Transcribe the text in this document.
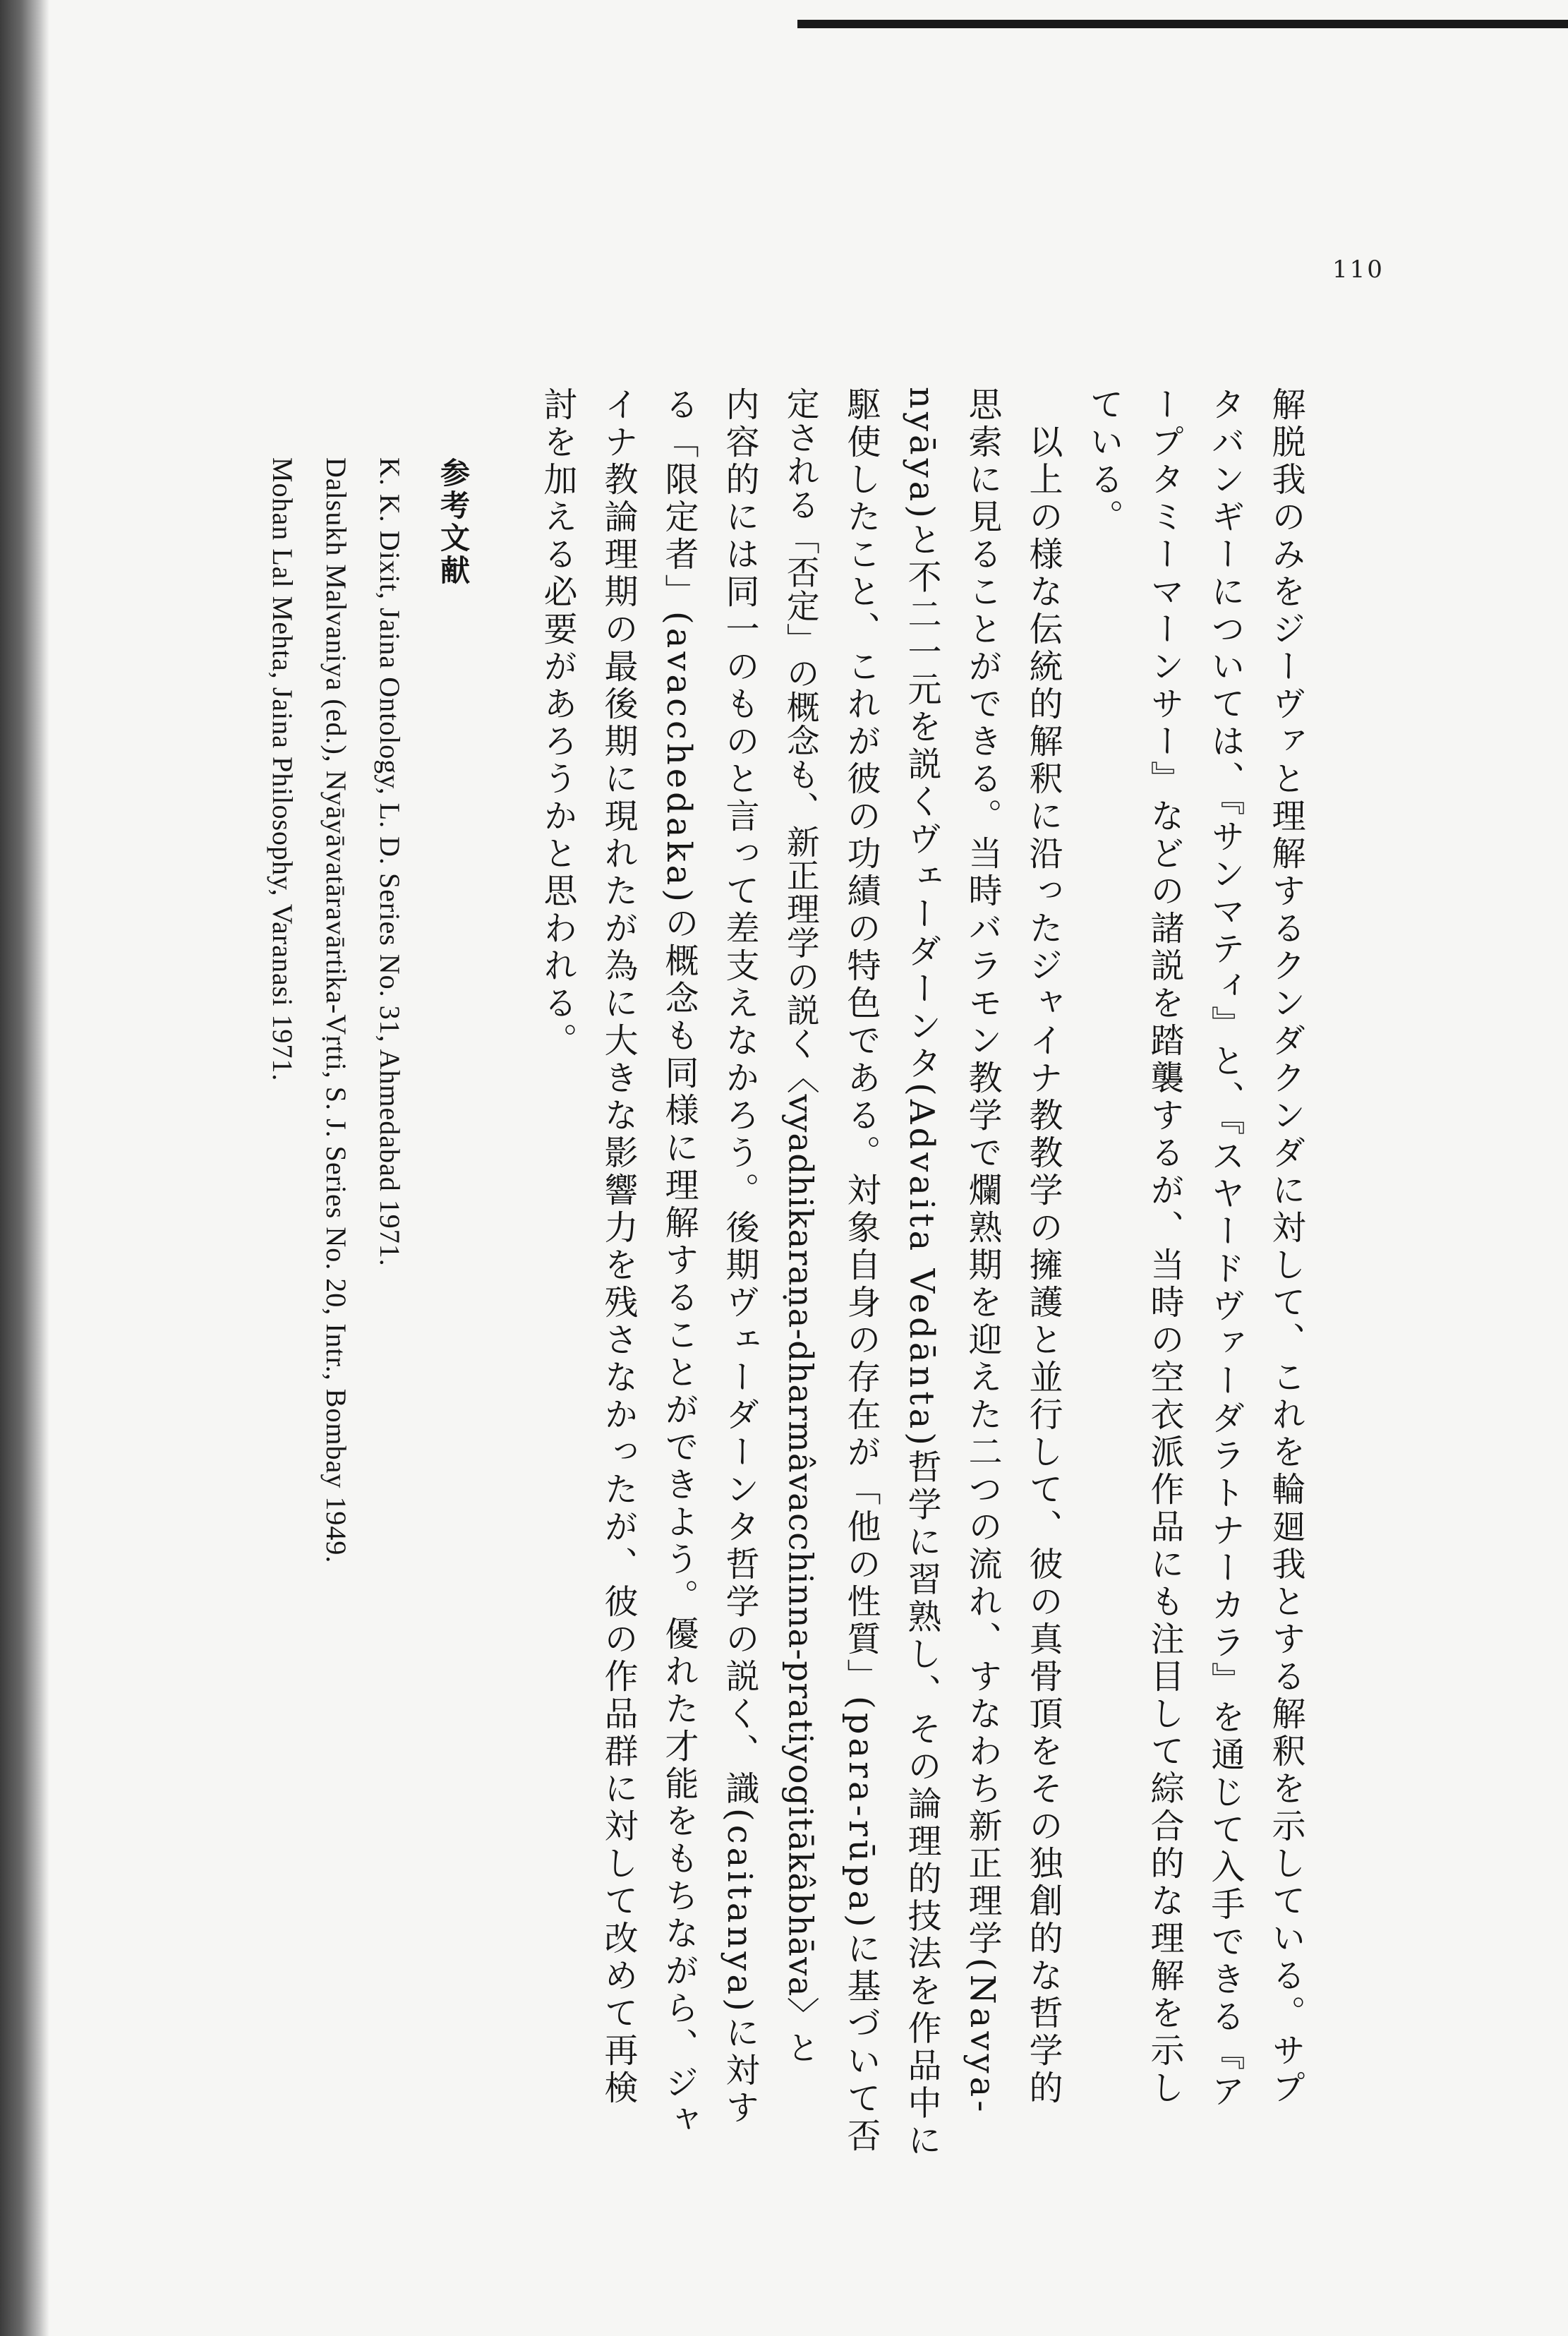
110
解脱我のみをジーヴァと理解するクンダクンダに対して、これを輪廻我とする解釈を示している。サプ
タバンギーについては、『サンマティ』と、『スヤードヴァーダラトナーカラ』を通じて入手できる『ア
ープタミーマーンサー』などの諸説を踏襲するが、当時の空衣派作品にも注目して綜合的な理解を示し
ている。
　以上の様な伝統的解釈に沿ったジャイナ教教学の擁護と並行して、彼の真骨頂をその独創的な哲学的
思索に見ることができる。当時バラモン教学で爛熟期を迎えた二つの流れ、すなわち新正理学(Navya-
nyāya)と不二一元を説くヴェーダーンタ(Advaita Vedānta)哲学に習熟し、その論理的技法を作品中に
駆使したこと、これが彼の功績の特色である。対象自身の存在が「他の性質」(para-rūpa)に基づいて否
定される「否定」の概念も、新正理学の説く〈vyadhikaraṇa-dharmâvacchinna-pratiyogitākâbhāva〉と
内容的には同一のものと言って差支えなかろう。後期ヴェーダーンタ哲学の説く、識(caitanya)に対す
る「限定者」(avacchedaka)の概念も同様に理解することができよう。優れた才能をもちながら、ジャ
イナ教論理期の最後期に現れたが為に大きな影響力を残さなかったが、彼の作品群に対して改めて再検
討を加える必要があろうかと思われる。
参考文献
K. K. Dixit, Jaina Ontology, L. D. Series No. 31, Ahmedabad 1971.
Dalsukh Malvaniya (ed.), Nyāyāvatāravārtika-Vṛtti, S. J. Series No. 20, Intr., Bombay 1949.
Mohan Lal Mehta, Jaina Philosophy, Varanasi 1971.
